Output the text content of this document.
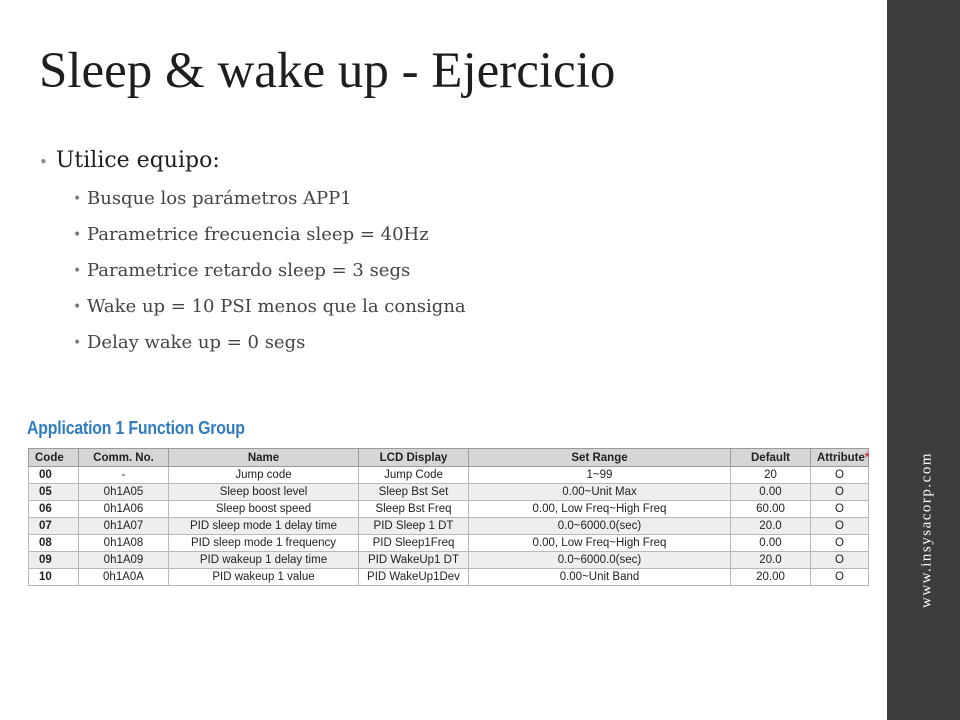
www.insysacorp.com
Sleep & wake up - Ejercicio
• Utilice equipo:
• Busque los parámetros APP1
• Parametrice frecuencia sleep = 40Hz
• Parametrice retardo sleep = 3 segs
• Wake up = 10 PSI menos que la consigna
• Delay wake up = 0 segs
Application 1 Function Group
Code	Comm. No.	Name	LCD Display	Set Range	Default	Attribute*
00	-	Jump code	Jump Code	1~99	20	O
05	0h1A05	Sleep boost level	Sleep Bst Set	0.00~Unit Max	0.00	O
06	0h1A06	Sleep boost speed	Sleep Bst Freq	0.00, Low Freq~High Freq	60.00	O
07	0h1A07	PID sleep mode 1 delay time	PID Sleep 1 DT	0.0~6000.0(sec)	20.0	O
08	0h1A08	PID sleep mode 1 frequency	PID Sleep1Freq	0.00, Low Freq~High Freq	0.00	O
09	0h1A09	PID wakeup 1 delay time	PID WakeUp1 DT	0.0~6000.0(sec)	20.0	O
10	0h1A0A	PID wakeup 1 value	PID WakeUp1Dev	0.00~Unit Band	20.00	O
